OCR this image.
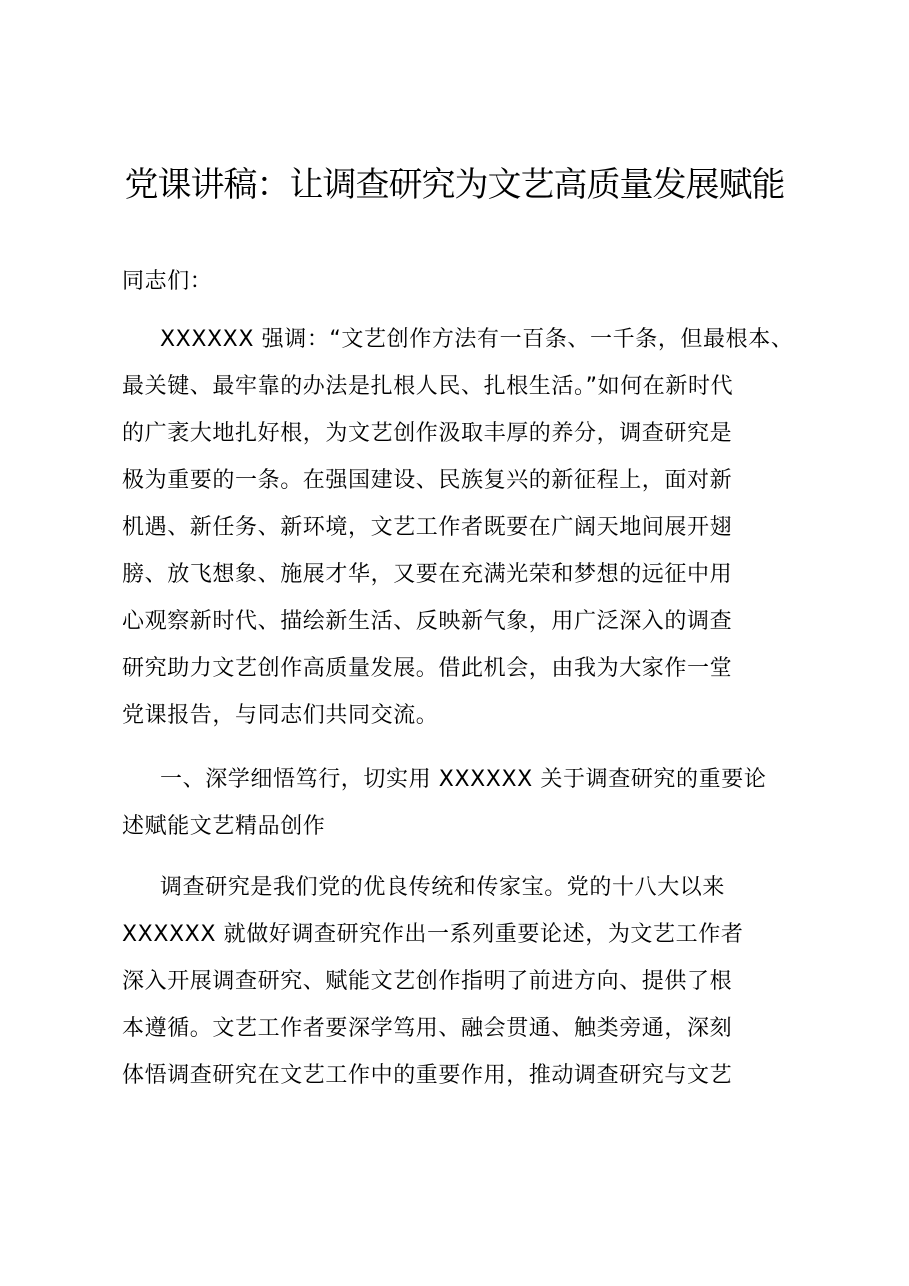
党课讲稿：让调查研究为文艺高质量发展赋能
同志们：
XXXXXX 强调：“文艺创作方法有一百条、一千条，但最根本、
最关键、最牢靠的办法是扎根人民、扎根生活。”如何在新时代
的广袤大地扎好根，为文艺创作汲取丰厚的养分，调查研究是
极为重要的一条。在强国建设、民族复兴的新征程上，面对新
机遇、新任务、新环境，文艺工作者既要在广阔天地间展开翅
膀、放飞想象、施展才华，又要在充满光荣和梦想的远征中用
心观察新时代、描绘新生活、反映新气象，用广泛深入的调查
研究助力文艺创作高质量发展。借此机会，由我为大家作一堂
党课报告，与同志们共同交流。
一、深学细悟笃行，切实用 XXXXXX 关于调查研究的重要论
述赋能文艺精品创作
调查研究是我们党的优良传统和传家宝。党的十八大以来
XXXXXX 就做好调查研究作出一系列重要论述，为文艺工作者
深入开展调查研究、赋能文艺创作指明了前进方向、提供了根
本遵循。文艺工作者要深学笃用、融会贯通、触类旁通，深刻
体悟调查研究在文艺工作中的重要作用，推动调查研究与文艺
